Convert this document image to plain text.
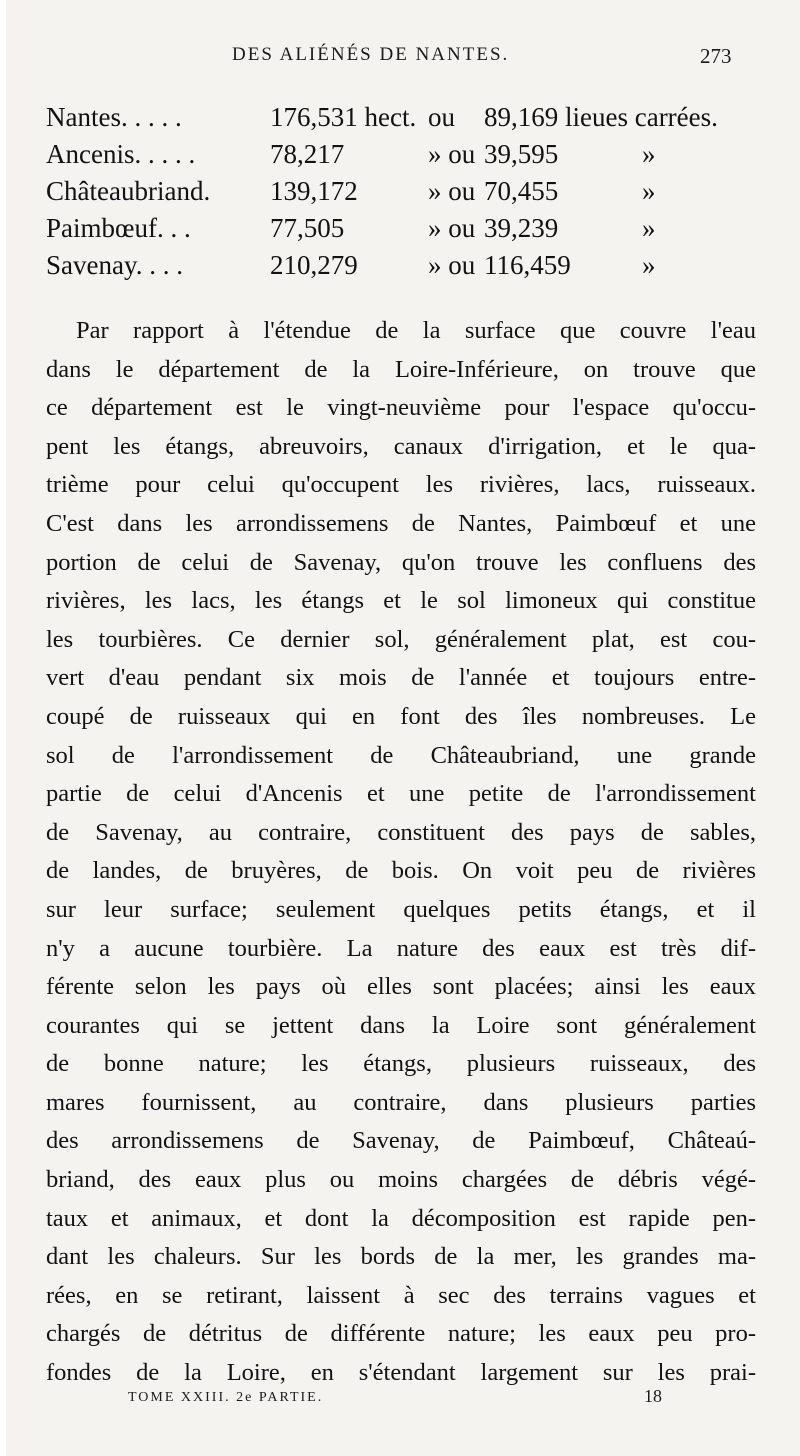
DES ALIÉNÉS DE NANTES.	273
Nantes. . . . .	176,531 hect. ou 89,169 lieues carrées.
Ancenis. . . . .	78,217	» ou 39,595	»
Châteaubriand. 139,172	» ou 70,455	»
Paimbœuf. . .	77,505	» ou 39,239	»
Savenay. . . .	210,279	» ou 116,459	»
Par rapport à l'étendue de la surface que couvre l'eau
dans le département de la Loire-Inférieure, on trouve que
ce département est le vingt-neuvième pour l'espace qu'occu-
pent les étangs, abreuvoirs, canaux d'irrigation, et le qua-
trième pour celui qu'occupent les rivières, lacs, ruisseaux.
C'est dans les arrondissemens de Nantes, Paimbœuf et une
portion de celui de Savenay, qu'on trouve les confluens des
rivières, les lacs, les étangs et le sol limoneux qui constitue
les tourbières. Ce dernier sol, généralement plat, est cou-
vert d'eau pendant six mois de l'année et toujours entre-
coupé de ruisseaux qui en font des îles nombreuses. Le
sol de l'arrondissement de Châteaubriand, une grande
partie de celui d'Ancenis et une petite de l'arrondissement
de Savenay, au contraire, constituent des pays de sables,
de landes, de bruyères, de bois. On voit peu de rivières
sur leur surface; seulement quelques petits étangs, et il
n'y a aucune tourbière. La nature des eaux est très dif-
férente selon les pays où elles sont placées; ainsi les eaux
courantes qui se jettent dans la Loire sont généralement
de bonne nature; les étangs, plusieurs ruisseaux, des
mares fournissent, au contraire, dans plusieurs parties
des arrondissemens de Savenay, de Paimbœuf, Châteaú-
briand, des eaux plus ou moins chargées de débris végé-
taux et animaux, et dont la décomposition est rapide pen-
dant les chaleurs. Sur les bords de la mer, les grandes ma-
rées, en se retirant, laissent à sec des terrains vagues et
chargés de détritus de différente nature; les eaux peu pro-
fondes de la Loire, en s'étendant largement sur les prai-
TOME XXIII. 2e PARTIE.	18
